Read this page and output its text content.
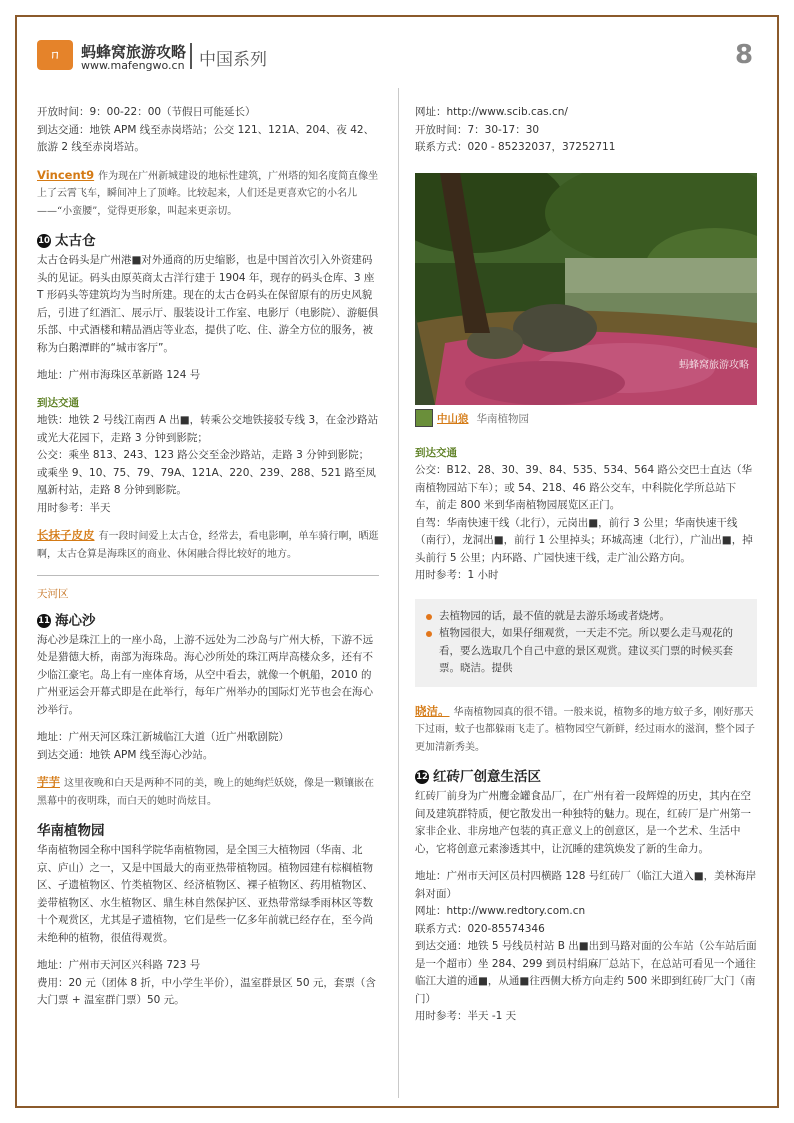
ㄇ	蚂蜂窝旅游攻略
www.mafengwo.cn 中国系列	8

开放时间：9：00-22：00（节假日可能延长）

到达交通：地铁 APM 线至赤岗塔站；公交 121、121A、204、夜 42、旅游 2 线至赤岗塔站。

Vincent9 作为现在广州新城建设的地标性建筑，广州塔的知名度简直像坐上了云霄飞车，瞬间冲上了顶峰。比较起来，人们还是更喜欢它的小名儿——“小蛮腰”，觉得更形象，叫起来更亲切。

10 太古仓

太古仓码头是广州港■对外通商的历史缩影，也是中国首次引入外资建码头的见证。码头由原英商太古洋行建于 1904 年，现存的码头仓库、3 座 T 形码头等建筑均为当时所建。现在的太古仓码头在保留原有的历史风貌后，引进了红酒汇、展示厅、服装设计工作室、电影厅（电影院）、游艇俱乐部、中式酒楼和精品酒店等业态，提供了吃、住、游全方位的服务，被称为白鹅潭畔的“城市客厅”。

地址：广州市海珠区革新路 124 号

到达交通

地铁：地铁 2 号线江南西 A 出■，转乘公交地铁接驳专线 3，在金沙路站或光大花园下，走路 3 分钟到影院；

公交：乘坐 813、243、123 路公交至金沙路站，走路 3 分钟到影院；或乘坐 9、10、75、79、79A、121A、220、239、288、521 路至凤凰新村站，走路 8 分钟到影院。

用时参考：半天

长抹子皮皮 有一段时间爱上太古仓，经常去，看电影啊，单车骑行啊，晒逛啊，太古仓算是海珠区的商业、休闲融合得比较好的地方。

天河区

11 海心沙

海心沙是珠江上的一座小岛，上游不远处为二沙岛与广州大桥，下游不远处是猎德大桥，南部为海珠岛。海心沙所处的珠江两岸高楼众多，还有不少临江豪宅。岛上有一座体育场，从空中看去，就像一个帆船，2010 的广州亚运会开幕式即是在此举行，每年广州举办的国际灯光节也会在海心沙举行。

地址：广州天河区珠江新城临江大道（近广州歌剧院）

到达交通：地铁 APM 线至海心沙站。

芋芋 这里夜晚和白天是两种不同的美，晚上的她绚烂妖娆，像是一颗镶嵌在黑幕中的夜明珠，而白天的她时尚炫目。

华南植物园

华南植物园全称中国科学院华南植物园，是全国三大植物园（华南、北京、庐山）之一，又是中国最大的南亚热带植物园。植物园建有棕榈植物区、孑遗植物区、竹类植物区、经济植物区、裸子植物区、药用植物区、姜带植物区、水生植物区、鼎生林自然保护区、亚热带常绿季雨林区等数十个观赏区，尤其是孑遗植物，它们是些一亿多年前就已经存在，至今尚未绝种的植物，很值得观赏。

地址：广州市天河区兴科路 723 号

费用：20 元（团体 8 折，中小学生半价），温室群景区 50 元，套票（含大门票 + 温室群门票）50 元。

网址：http://www.scib.cas.cn/

开放时间：7：30-17：30

联系方式：020 - 85232037，37252711

蚂蜂窝旅游攻略
中山狼 华南植物园

到达交通

公交：B12、28、30、39、84、535、534、564 路公交巴士直达（华南植物园站下车）；或 54、218、46 路公交车，中科院化学所总站下车，前走 800 米到华南植物园展览区正门。

自驾：华南快速干线（北行），元岗出■，前行 3 公里；华南快速干线（南行），龙洞出■，前行 1 公里掉头；环城高速（北行），广汕出■，掉头前行 5 公里；内环路、广园快速干线，走广汕公路方向。

用时参考：1 小时

去植物园的话，最不值的就是去游乐场或者烧烤。

植物园很大，如果仔细观赏，一天走不完。所以要么走马观花的看，要么选取几个自己中意的景区观赏。建议买门票的时候买套票。晓洁。提供

晓洁。 华南植物园真的很不错。一般来说，植物多的地方蚊子多，刚好那天下过雨，蚊子也都躲雨飞走了。植物园空气新鲜，经过雨水的滋润，整个园子更加清新秀美。

12 红砖厂创意生活区

红砖厂前身为广州鹰金罐食品厂，在广州有着一段辉煌的历史，其内在空间及建筑群特质，便它散发出一种独特的魅力。现在，红砖厂是广州第一家非企业、非房地产包装的真正意义上的创意区，是一个艺术、生活中心，它将创意元素渗透其中，让沉睡的建筑焕发了新的生命力。

地址：广州市天河区员村四横路 128 号红砖厂（临江大道入■，美林海岸斜对面）

网址：http://www.redtory.com.cn

联系方式：020-85574346

到达交通：地铁 5 号线员村站 B 出■出到马路对面的公车站（公车站后面是一个超市）坐 284、299 到员村绢麻厂总站下，在总站可看见一个通往临江大道的通■，从通■往西侧大桥方向走约 500 米即到红砖厂大门（南门）

用时参考：半天 -1 天
